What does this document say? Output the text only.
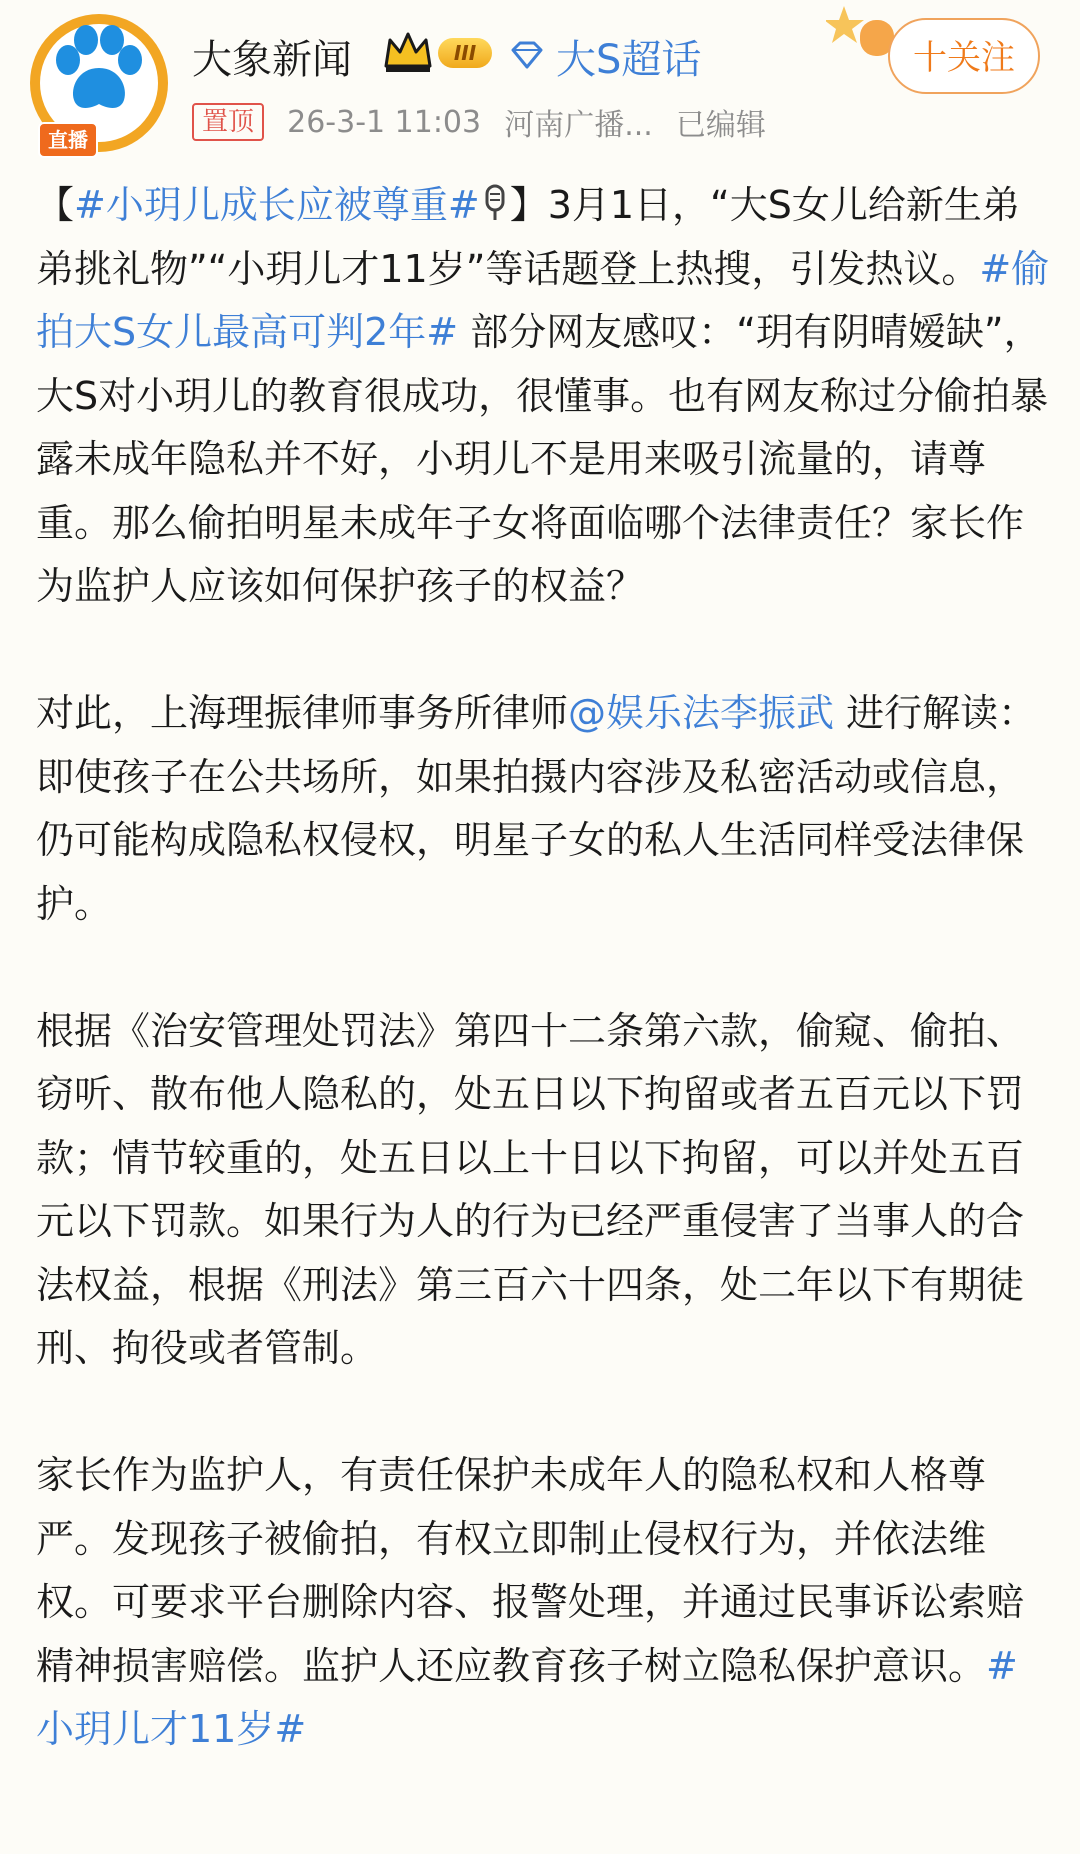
直播
大象新闻	III	大S超话	十关注
置顶 26-3-1 11:03 河南广播... 已编辑

【#小玥儿成长应被尊重# 】3月1日，“大S女儿给新生弟弟挑礼物”“小玥儿才11岁”等话题登上热搜，引发热议。#偷拍大S女儿最高可判2年# 部分网友感叹：“玥有阴晴嫒缺”，大S对小玥儿的教育很成功，很懂事。也有网友称过分偷拍暴露未成年隐私并不好，小玥儿不是用来吸引流量的，请尊重。那么偷拍明星未成年子女将面临哪个法律责任？家长作为监护人应该如何保护孩子的权益？

对此，上海理振律师事务所律师@娱乐法李振武 进行解读：即使孩子在公共场所，如果拍摄内容涉及私密活动或信息，仍可能构成隐私权侵权，明星子女的私人生活同样受法律保护。

根据《治安管理处罚法》第四十二条第六款，偷窥、偷拍、窃听、散布他人隐私的，处五日以下拘留或者五百元以下罚款；情节较重的，处五日以上十日以下拘留，可以并处五百元以下罚款。如果行为人的行为已经严重侵害了当事人的合法权益，根据《刑法》第三百六十四条，处二年以下有期徒刑、拘役或者管制。

家长作为监护人，有责任保护未成年人的隐私权和人格尊严。发现孩子被偷拍，有权立即制止侵权行为，并依法维权。可要求平台删除内容、报警处理，并通过民事诉讼索赔精神损害赔偿。监护人还应教育孩子树立隐私保护意识。#小玥儿才11岁#
